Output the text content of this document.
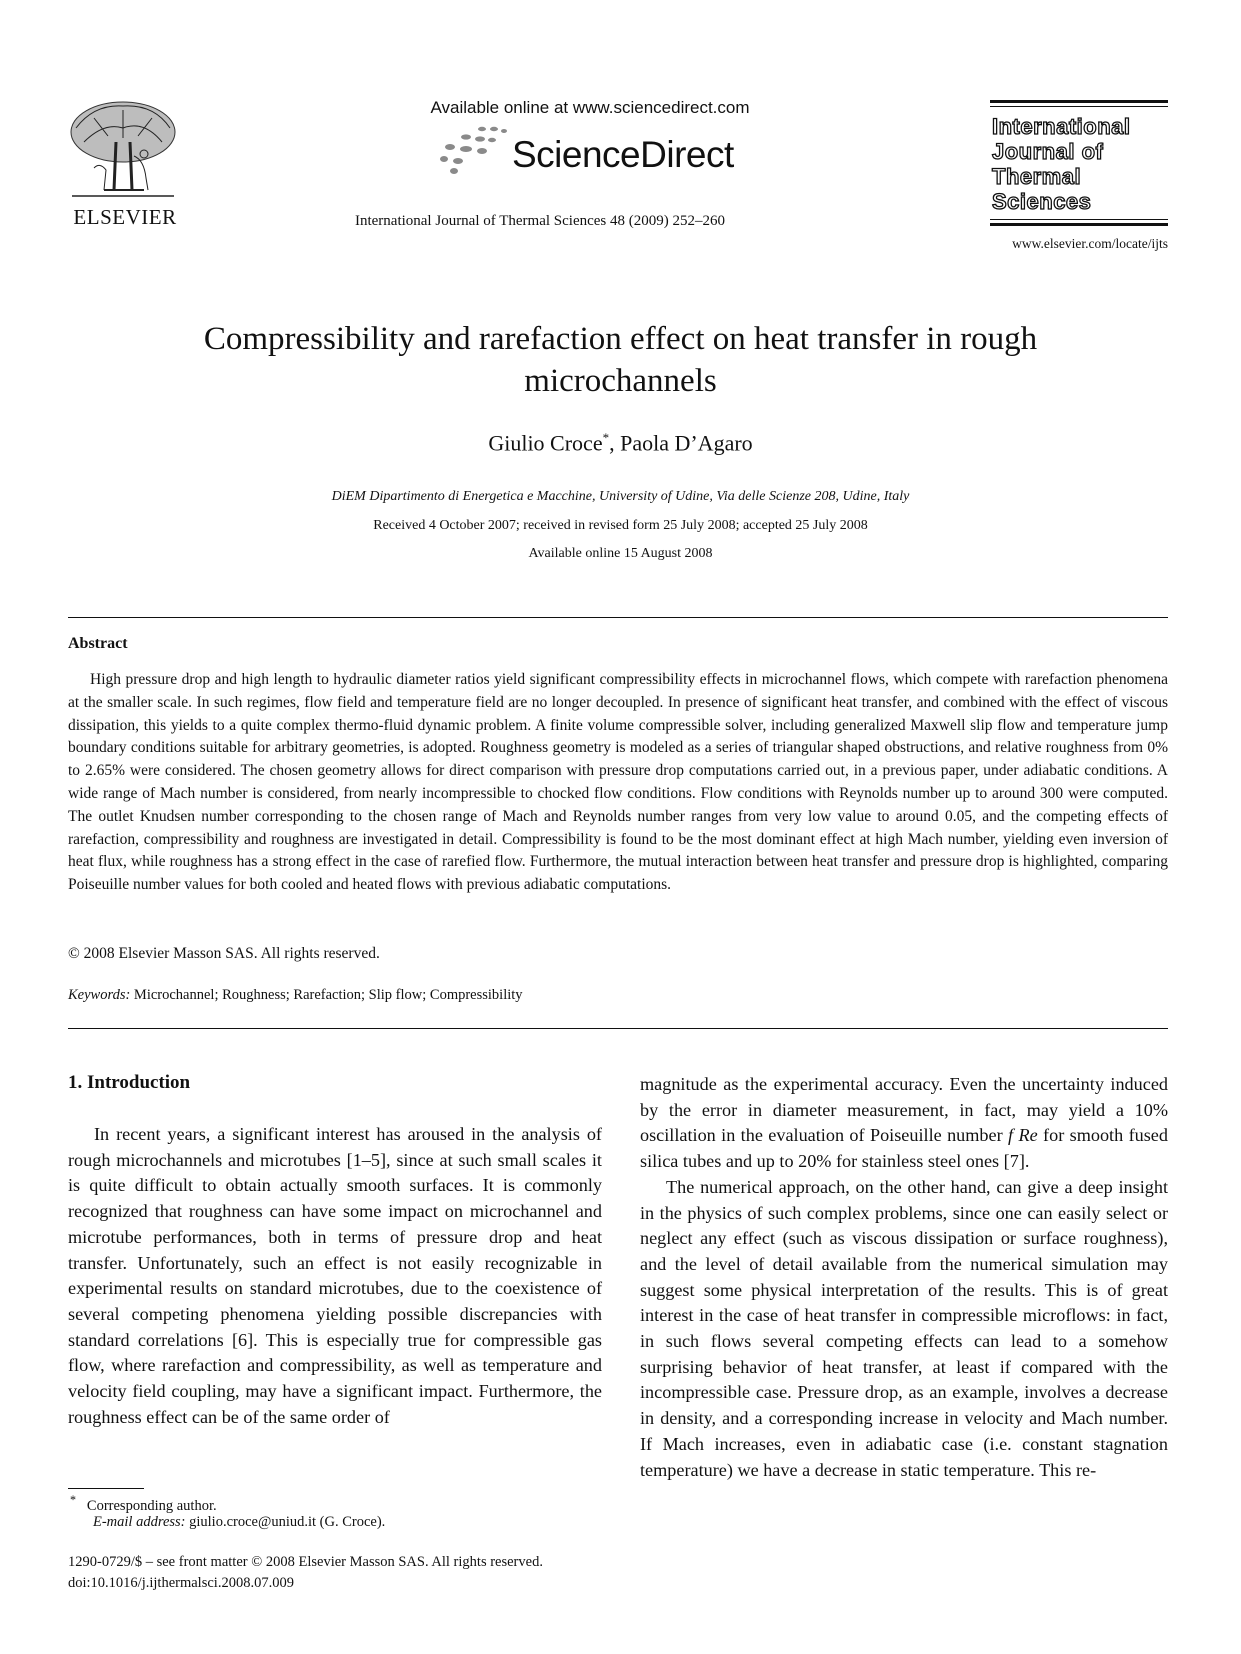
ELSEVIER
Available online at www.sciencedirect.com
ScienceDirect
International Journal of Thermal Sciences 48 (2009) 252–260
International
Journal of
Thermal
Sciences
www.elsevier.com/locate/ijts
Compressibility and rarefaction effect on heat transfer in rough
microchannels
Giulio Croce*, Paola D’Agaro
DiEM Dipartimento di Energetica e Macchine, University of Udine, Via delle Scienze 208, Udine, Italy
Received 4 October 2007; received in revised form 25 July 2008; accepted 25 July 2008
Available online 15 August 2008
Abstract
High pressure drop and high length to hydraulic diameter ratios yield significant compressibility effects in microchannel flows, which compete with rarefaction phenomena at the smaller scale. In such regimes, flow field and temperature field are no longer decoupled. In presence of significant heat transfer, and combined with the effect of viscous dissipation, this yields to a quite complex thermo-fluid dynamic problem. A finite volume compressible solver, including generalized Maxwell slip flow and temperature jump boundary conditions suitable for arbitrary geometries, is adopted. Roughness geometry is modeled as a series of triangular shaped obstructions, and relative roughness from 0% to 2.65% were considered. The chosen geometry allows for direct comparison with pressure drop computations carried out, in a previous paper, under adiabatic conditions. A wide range of Mach number is considered, from nearly incompressible to chocked flow conditions. Flow conditions with Reynolds number up to around 300 were computed. The outlet Knudsen number corresponding to the chosen range of Mach and Reynolds number ranges from very low value to around 0.05, and the competing effects of rarefaction, compressibility and roughness are investigated in detail. Compressibility is found to be the most dominant effect at high Mach number, yielding even inversion of heat flux, while roughness has a strong effect in the case of rarefied flow. Furthermore, the mutual interaction between heat transfer and pressure drop is highlighted, comparing Poiseuille number values for both cooled and heated flows with previous adiabatic computations.
© 2008 Elsevier Masson SAS. All rights reserved.
Keywords: Microchannel; Roughness; Rarefaction; Slip flow; Compressibility
1. Introduction

In recent years, a significant interest has aroused in the analysis of rough microchannels and microtubes [1–5], since at such small scales it is quite difficult to obtain actually smooth surfaces. It is commonly recognized that roughness can have some impact on microchannel and microtube performances, both in terms of pressure drop and heat transfer. Unfortunately, such an effect is not easily recognizable in experimental results on standard microtubes, due to the coexistence of several competing phenomena yielding possible discrepancies with standard correlations [6]. This is especially true for compressible gas flow, where rarefaction and compressibility, as well as temperature and velocity field coupling, may have a significant impact. Furthermore, the roughness effect can be of the same order of

magnitude as the experimental accuracy. Even the uncertainty induced by the error in diameter measurement, in fact, may yield a 10% oscillation in the evaluation of Poiseuille number f Re for smooth fused silica tubes and up to 20% for stainless steel ones [7].

The numerical approach, on the other hand, can give a deep insight in the physics of such complex problems, since one can easily select or neglect any effect (such as viscous dissipation or surface roughness), and the level of detail available from the numerical simulation may suggest some physical interpretation of the results. This is of great interest in the case of heat transfer in compressible microflows: in fact, in such flows several competing effects can lead to a somehow surprising behavior of heat transfer, at least if compared with the incompressible case. Pressure drop, as an example, involves a decrease in density, and a corresponding increase in velocity and Mach number. If Mach increases, even in adiabatic case (i.e. constant stagnation temperature) we have a decrease in static temperature. This re-

* Corresponding author.
E-mail address: giulio.croce@uniud.it (G. Croce).
1290-0729/$ – see front matter © 2008 Elsevier Masson SAS. All rights reserved.
doi:10.1016/j.ijthermalsci.2008.07.009
